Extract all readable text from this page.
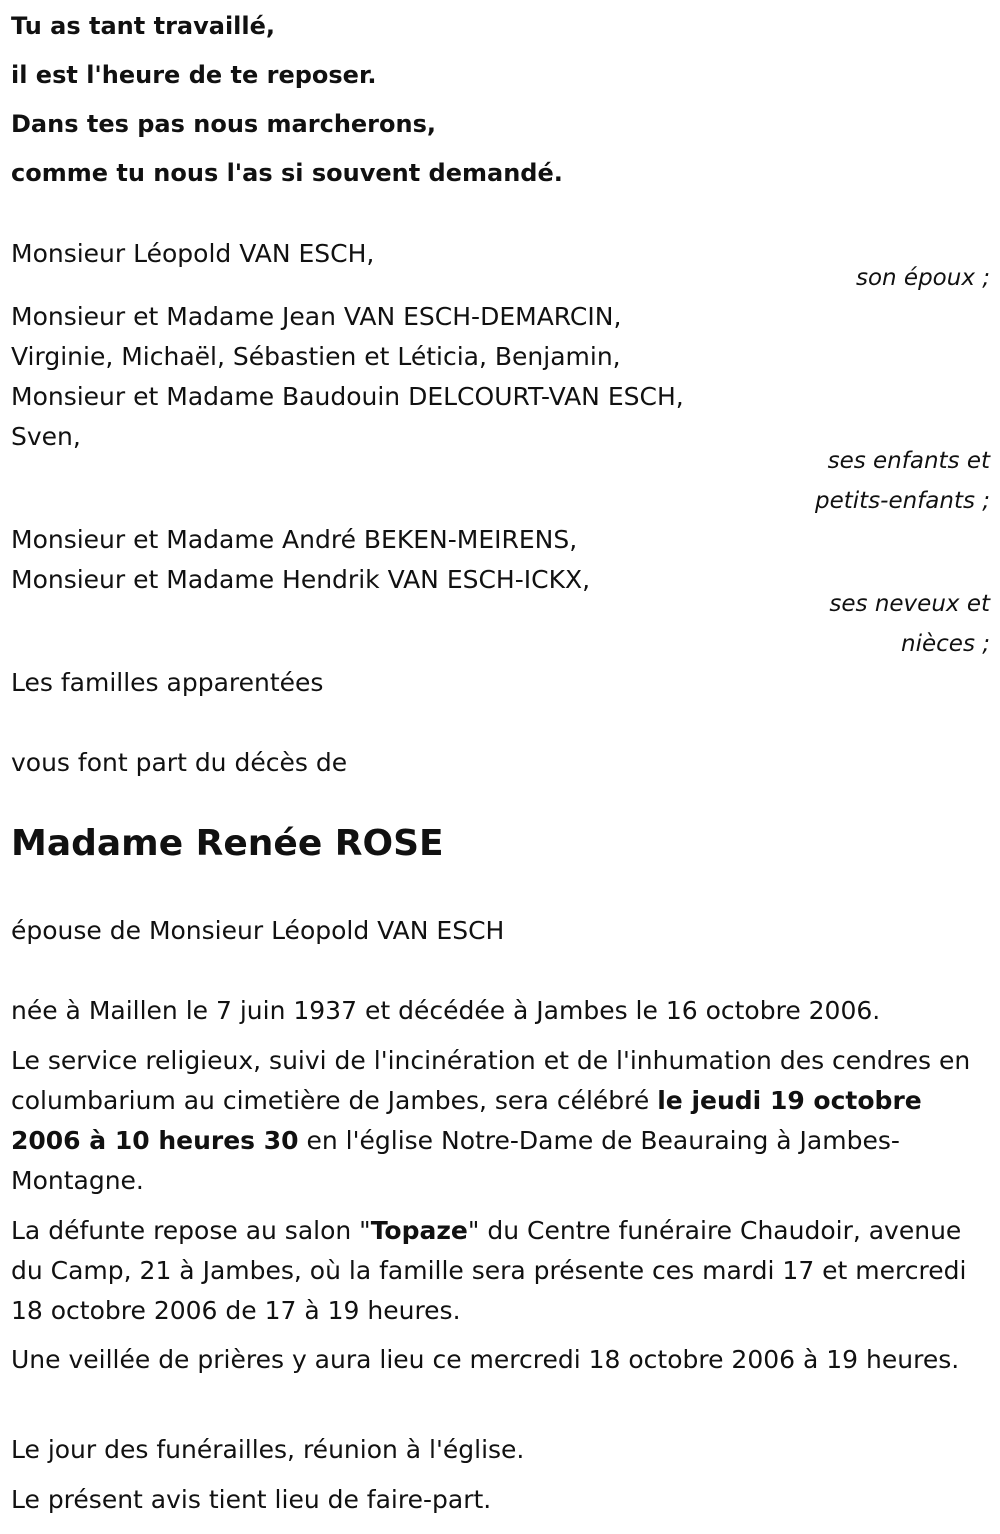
Tu as tant travaillé,
il est l'heure de te reposer.
Dans tes pas nous marcherons,
comme tu nous l'as si souvent demandé.
Monsieur Léopold VAN ESCH,
son époux ;
Monsieur et Madame Jean VAN ESCH-DEMARCIN,
Virginie, Michaël, Sébastien et Léticia, Benjamin,
Monsieur et Madame Baudouin DELCOURT-VAN ESCH,
Sven,
ses enfants et
petits-enfants ;
Monsieur et Madame André BEKEN-MEIRENS,
Monsieur et Madame Hendrik VAN ESCH-ICKX,
ses neveux et
nièces ;
Les familles apparentées
vous font part du décès de
Madame Renée ROSE
épouse de Monsieur Léopold VAN ESCH
née à Maillen le 7 juin 1937 et décédée à Jambes le 16 octobre 2006.
Le service religieux, suivi de l'incinération et de l'inhumation des cendres en columbarium au cimetière de Jambes, sera célébré le jeudi 19 octobre 2006 à 10 heures 30 en l'église Notre-Dame de Beauraing à Jambes-Montagne.
La défunte repose au salon "Topaze" du Centre funéraire Chaudoir, avenue du Camp, 21 à Jambes, où la famille sera présente ces mardi 17 et mercredi 18 octobre 2006 de 17 à 19 heures.
Une veillée de prières y aura lieu ce mercredi 18 octobre 2006 à 19 heures.
Le jour des funérailles, réunion à l'église.
Le présent avis tient lieu de faire-part.
